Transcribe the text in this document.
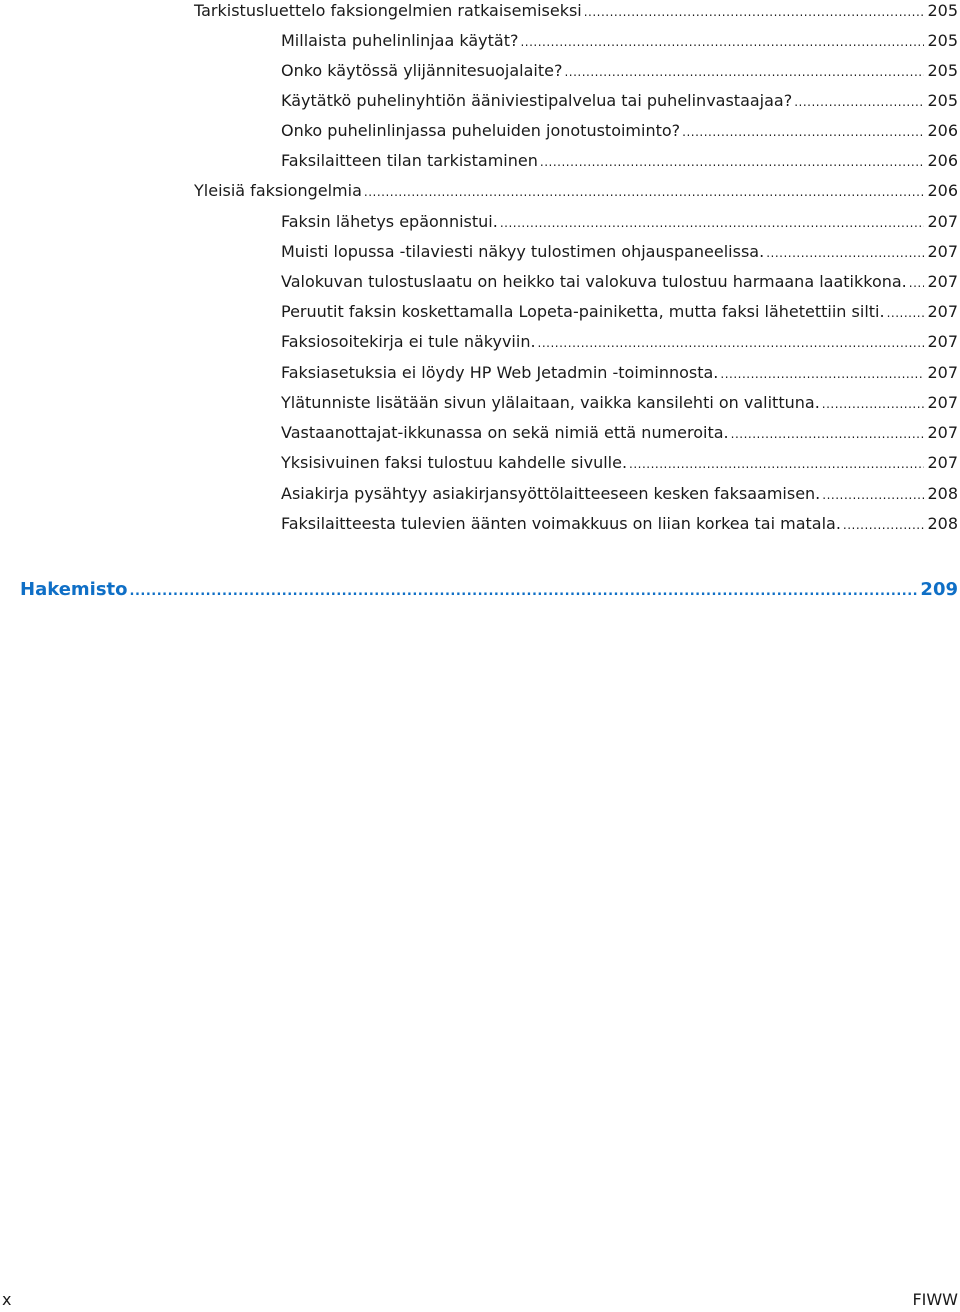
Tarkistusluettelo faksiongelmien ratkaisemiseksi .....	205
Millaista puhelinlinjaa käytät? .....	205
Onko käytössä ylijännitesuojalaite? .....	205
Käytätkö puhelinyhtiön ääniviestipalvelua tai puhelinvastaajaa? .....	205
Onko puhelinlinjassa puheluiden jonotustoiminto? .....	206
Faksilaitteen tilan tarkistaminen .....	206
Yleisiä faksiongelmia .....	206
Faksin lähetys epäonnistui. .....	207
Muisti lopussa -tilaviesti näkyy tulostimen ohjauspaneelissa. .....	207
Valokuvan tulostuslaatu on heikko tai valokuva tulostuu harmaana laatikkona. ..... 207
Peruutit faksin koskettamalla Lopeta-painiketta, mutta faksi lähetettiin silti. .....	207
Faksiosoitekirja ei tule näkyviin. .....	207
Faksiasetuksia ei löydy HP Web Jetadmin -toiminnosta. .....	207
Ylätunniste lisätään sivun ylälaitaan, vaikka kansilehti on valittuna. .....	207
Vastaanottajat-ikkunassa on sekä nimiä että numeroita. .....	207
Yksisivuinen faksi tulostuu kahdelle sivulle. .....	207
Asiakirja pysähtyy asiakirjansyöttölaitteeseen kesken faksaamisen. .....	208
Faksilaitteesta tulevien äänten voimakkuus on liian korkea tai matala. .....	208
Hakemisto .....	209
x	FIWW
